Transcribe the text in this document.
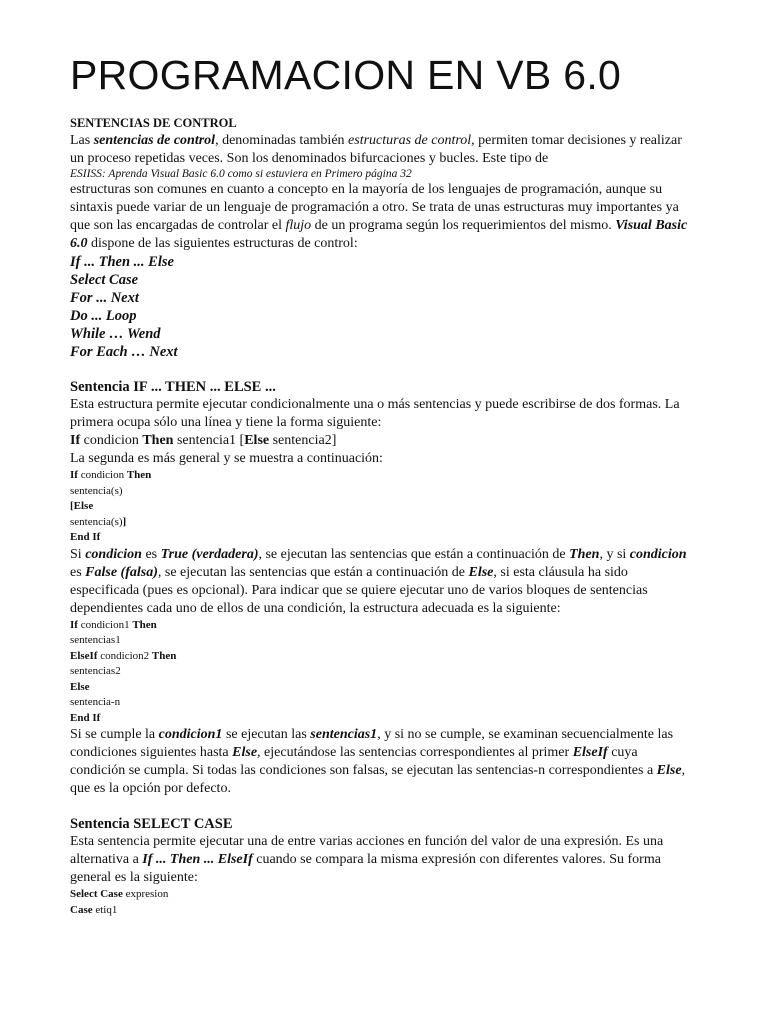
PROGRAMACION EN VB 6.0
SENTENCIAS DE CONTROL

Las sentencias de control, denominadas también estructuras de control, permiten tomar decisiones y realizar un proceso repetidas veces. Son los denominados bifurcaciones y bucles. Este tipo de

ESIISS: Aprenda Visual Basic 6.0 como si estuviera en Primero página 32

estructuras son comunes en cuanto a concepto en la mayoría de los lenguajes de programación, aunque su sintaxis puede variar de un lenguaje de programación a otro. Se trata de unas estructuras muy importantes ya que son las encargadas de controlar el flujo de un programa según los requerimientos del mismo. Visual Basic 6.0 dispone de las siguientes estructuras de control:

If ... Then ... Else
Select Case
For ... Next
Do ... Loop
While … Wend
For Each … Next
Sentencia IF ... THEN ... ELSE ...

Esta estructura permite ejecutar condicionalmente una o más sentencias y puede escribirse de dos formas. La primera ocupa sólo una línea y tiene la forma siguiente:

If condicion Then sentencia1 [Else sentencia2]

La segunda es más general y se muestra a continuación:

If condicion Then
sentencia(s)
[Else
sentencia(s)]
End If

Si condicion es True (verdadera), se ejecutan las sentencias que están a continuación de Then, y si condicion es False (falsa), se ejecutan las sentencias que están a continuación de Else, si esta cláusula ha sido especificada (pues es opcional). Para indicar que se quiere ejecutar uno de varios bloques de sentencias dependientes cada uno de ellos de una condición, la estructura adecuada es la siguiente:

If condicion1 Then
sentencias1
ElseIf condicion2 Then
sentencias2
Else
sentencia-n
End If

Si se cumple la condicion1 se ejecutan las sentencias1, y si no se cumple, se examinan secuencialmente las condiciones siguientes hasta Else, ejecutándose las sentencias correspondientes al primer ElseIf cuya condición se cumpla. Si todas las condiciones son falsas, se ejecutan las sentencias-n correspondientes a Else, que es la opción por defecto.

Sentencia SELECT CASE

Esta sentencia permite ejecutar una de entre varias acciones en función del valor de una expresión. Es una alternativa a If ... Then ... ElseIf cuando se compara la misma expresión con diferentes valores. Su forma general es la siguiente:

Select Case expresion
Case etiq1
